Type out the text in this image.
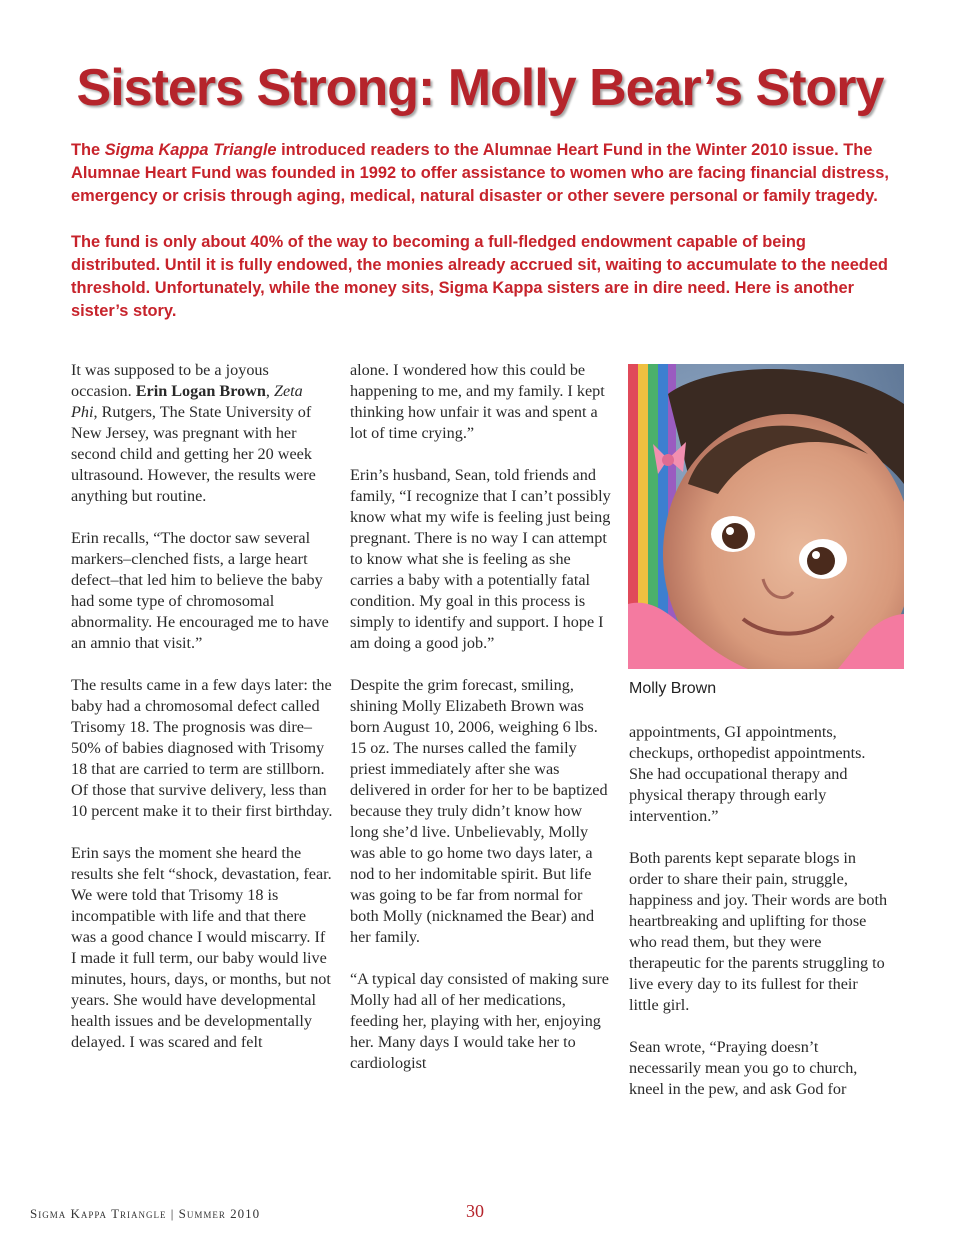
Sisters Strong: Molly Bear’s Story

The Sigma Kappa Triangle introduced readers to the Alumnae Heart Fund in the Winter 2010 issue. The Alumnae Heart Fund was founded in 1992 to offer assistance to women who are facing financial distress, emergency or crisis through aging, medical, natural disaster or other severe personal or family tragedy.

The fund is only about 40% of the way to becoming a full-fledged endowment capable of being distributed. Until it is fully endowed, the monies already accrued sit, waiting to accumulate to the needed threshold. Unfortunately, while the money sits, Sigma Kappa sisters are in dire need. Here is another sister’s story.

It was supposed to be a joyous occasion. Erin Logan Brown, Zeta Phi, Rutgers, The State University of New Jersey, was pregnant with her second child and getting her 20 week ultrasound. However, the results were anything but routine.

Erin recalls, “The doctor saw several markers–clenched fists, a large heart defect–that led him to believe the baby had some type of chromosomal abnormality. He encouraged me to have an amnio that visit.”

The results came in a few days later: the baby had a chromosomal defect called Trisomy 18. The prognosis was dire–50% of babies diagnosed with Trisomy 18 that are carried to term are stillborn. Of those that survive delivery, less than 10 percent make it to their first birthday.

Erin says the moment she heard the results she felt “shock, devastation, fear. We were told that Trisomy 18 is incompatible with life and that there was a good chance I would miscarry. If I made it full term, our baby would live minutes, hours, days, or months, but not years. She would have developmental health issues and be developmentally delayed. I was scared and felt

alone. I wondered how this could be happening to me, and my family. I kept thinking how unfair it was and spent a lot of time crying.”

Erin’s husband, Sean, told friends and family, “I recognize that I can’t possibly know what my wife is feeling just being pregnant. There is no way I can attempt to know what she is feeling as she carries a baby with a potentially fatal condition. My goal in this process is simply to identify and support. I hope I am doing a good job.”

Despite the grim forecast, smiling, shining Molly Elizabeth Brown was born August 10, 2006, weighing 6 lbs. 15 oz. The nurses called the family priest immediately after she was delivered in order for her to be baptized because they truly didn’t know how long she’d live. Unbelievably, Molly was able to go home two days later, a nod to her indomitable spirit. But life was going to be far from normal for both Molly (nicknamed the Bear) and her family.

“A typical day consisted of making sure Molly had all of her medications, feeding her, playing with her, enjoying her. Many days I would take her to cardiologist

Molly Brown

appointments, GI appointments, checkups, orthopedist appointments. She had occupational therapy and physical therapy through early intervention.”

Both parents kept separate blogs in order to share their pain, struggle, happiness and joy. Their words are both heartbreaking and uplifting for those who read them, but they were therapeutic for the parents struggling to live every day to its fullest for their little girl.

Sean wrote, “Praying doesn’t necessarily mean you go to church, kneel in the pew, and ask God for

Sigma Kappa Triangle | Summer 2010	30
